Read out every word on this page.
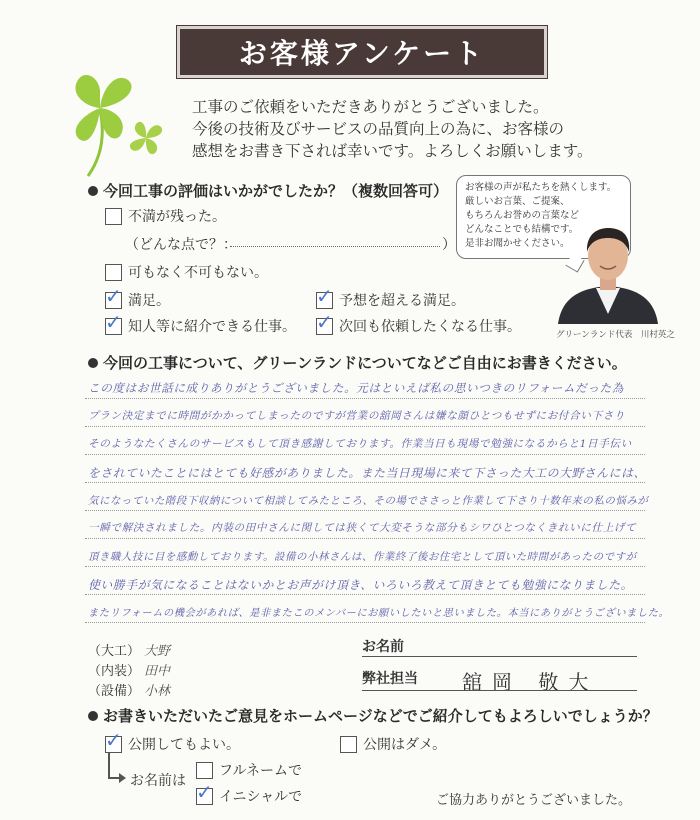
お客様アンケート
工事のご依頼をいただきありがとうございました。
今後の技術及びサービスの品質向上の為に、お客様の
感想をお書き下されば幸いです。よろしくお願いします。
今回工事の評価はいかがでしたか？（複数回答可）
不満が残った。
（どんな点で？：	）
可もなく不可もない。
✓ 満足。	✓ 予想を超える満足。
✓ 知人等に紹介できる仕事。 ✓ 次回も依頼したくなる仕事。
お客様の声が私たちを熱くします。
厳しいお言葉、ご提案、
もちろんお誉めの言葉など
どんなことでも結構です。
是非お聞かせください。
グリーンランド代表　川村英之
今回の工事について、グリーンランドについてなどご自由にお書きください。
この度はお世話に成りありがとうございました。元はといえば私の思いつきのリフォームだった為
プラン決定までに時間がかかってしまったのですが営業の舘岡さんは嫌な顔ひとつもせずにお付合い下さり
そのようなたくさんのサービスもして頂き感謝しております。作業当日も現場で勉強になるからと1日手伝い
をされていたことにはとても好感がありました。また当日現場に来て下さった大工の大野さんには、
気になっていた階段下収納について相談してみたところ、その場でささっと作業して下さり十数年来の私の悩みが
一瞬で解決されました。内装の田中さんに関しては狭くて大変そうな部分もシワひとつなくきれいに仕上げて
頂き職人技に目を感動しております。設備の小林さんは、作業終了後お住宅として頂いた時間があったのですが
使い勝手が気になることはないかとお声がけ頂き、いろいろ教えて頂きとても勉強になりました。
またリフォームの機会があれば、是非またこのメンバーにお願いしたいと思いました。本当にありがとうございました。
（大工） 大野
（内装） 田中
（設備） 小林
お名前
弊社担当 舘岡 敬大
お書きいただいたご意見をホームページなどでご紹介してもよろしいでしょうか？
✓ 公開してもよい。	公開はダメ。
お名前は
フルネームで
✓ イニシャルで	ご協力ありがとうございました。
